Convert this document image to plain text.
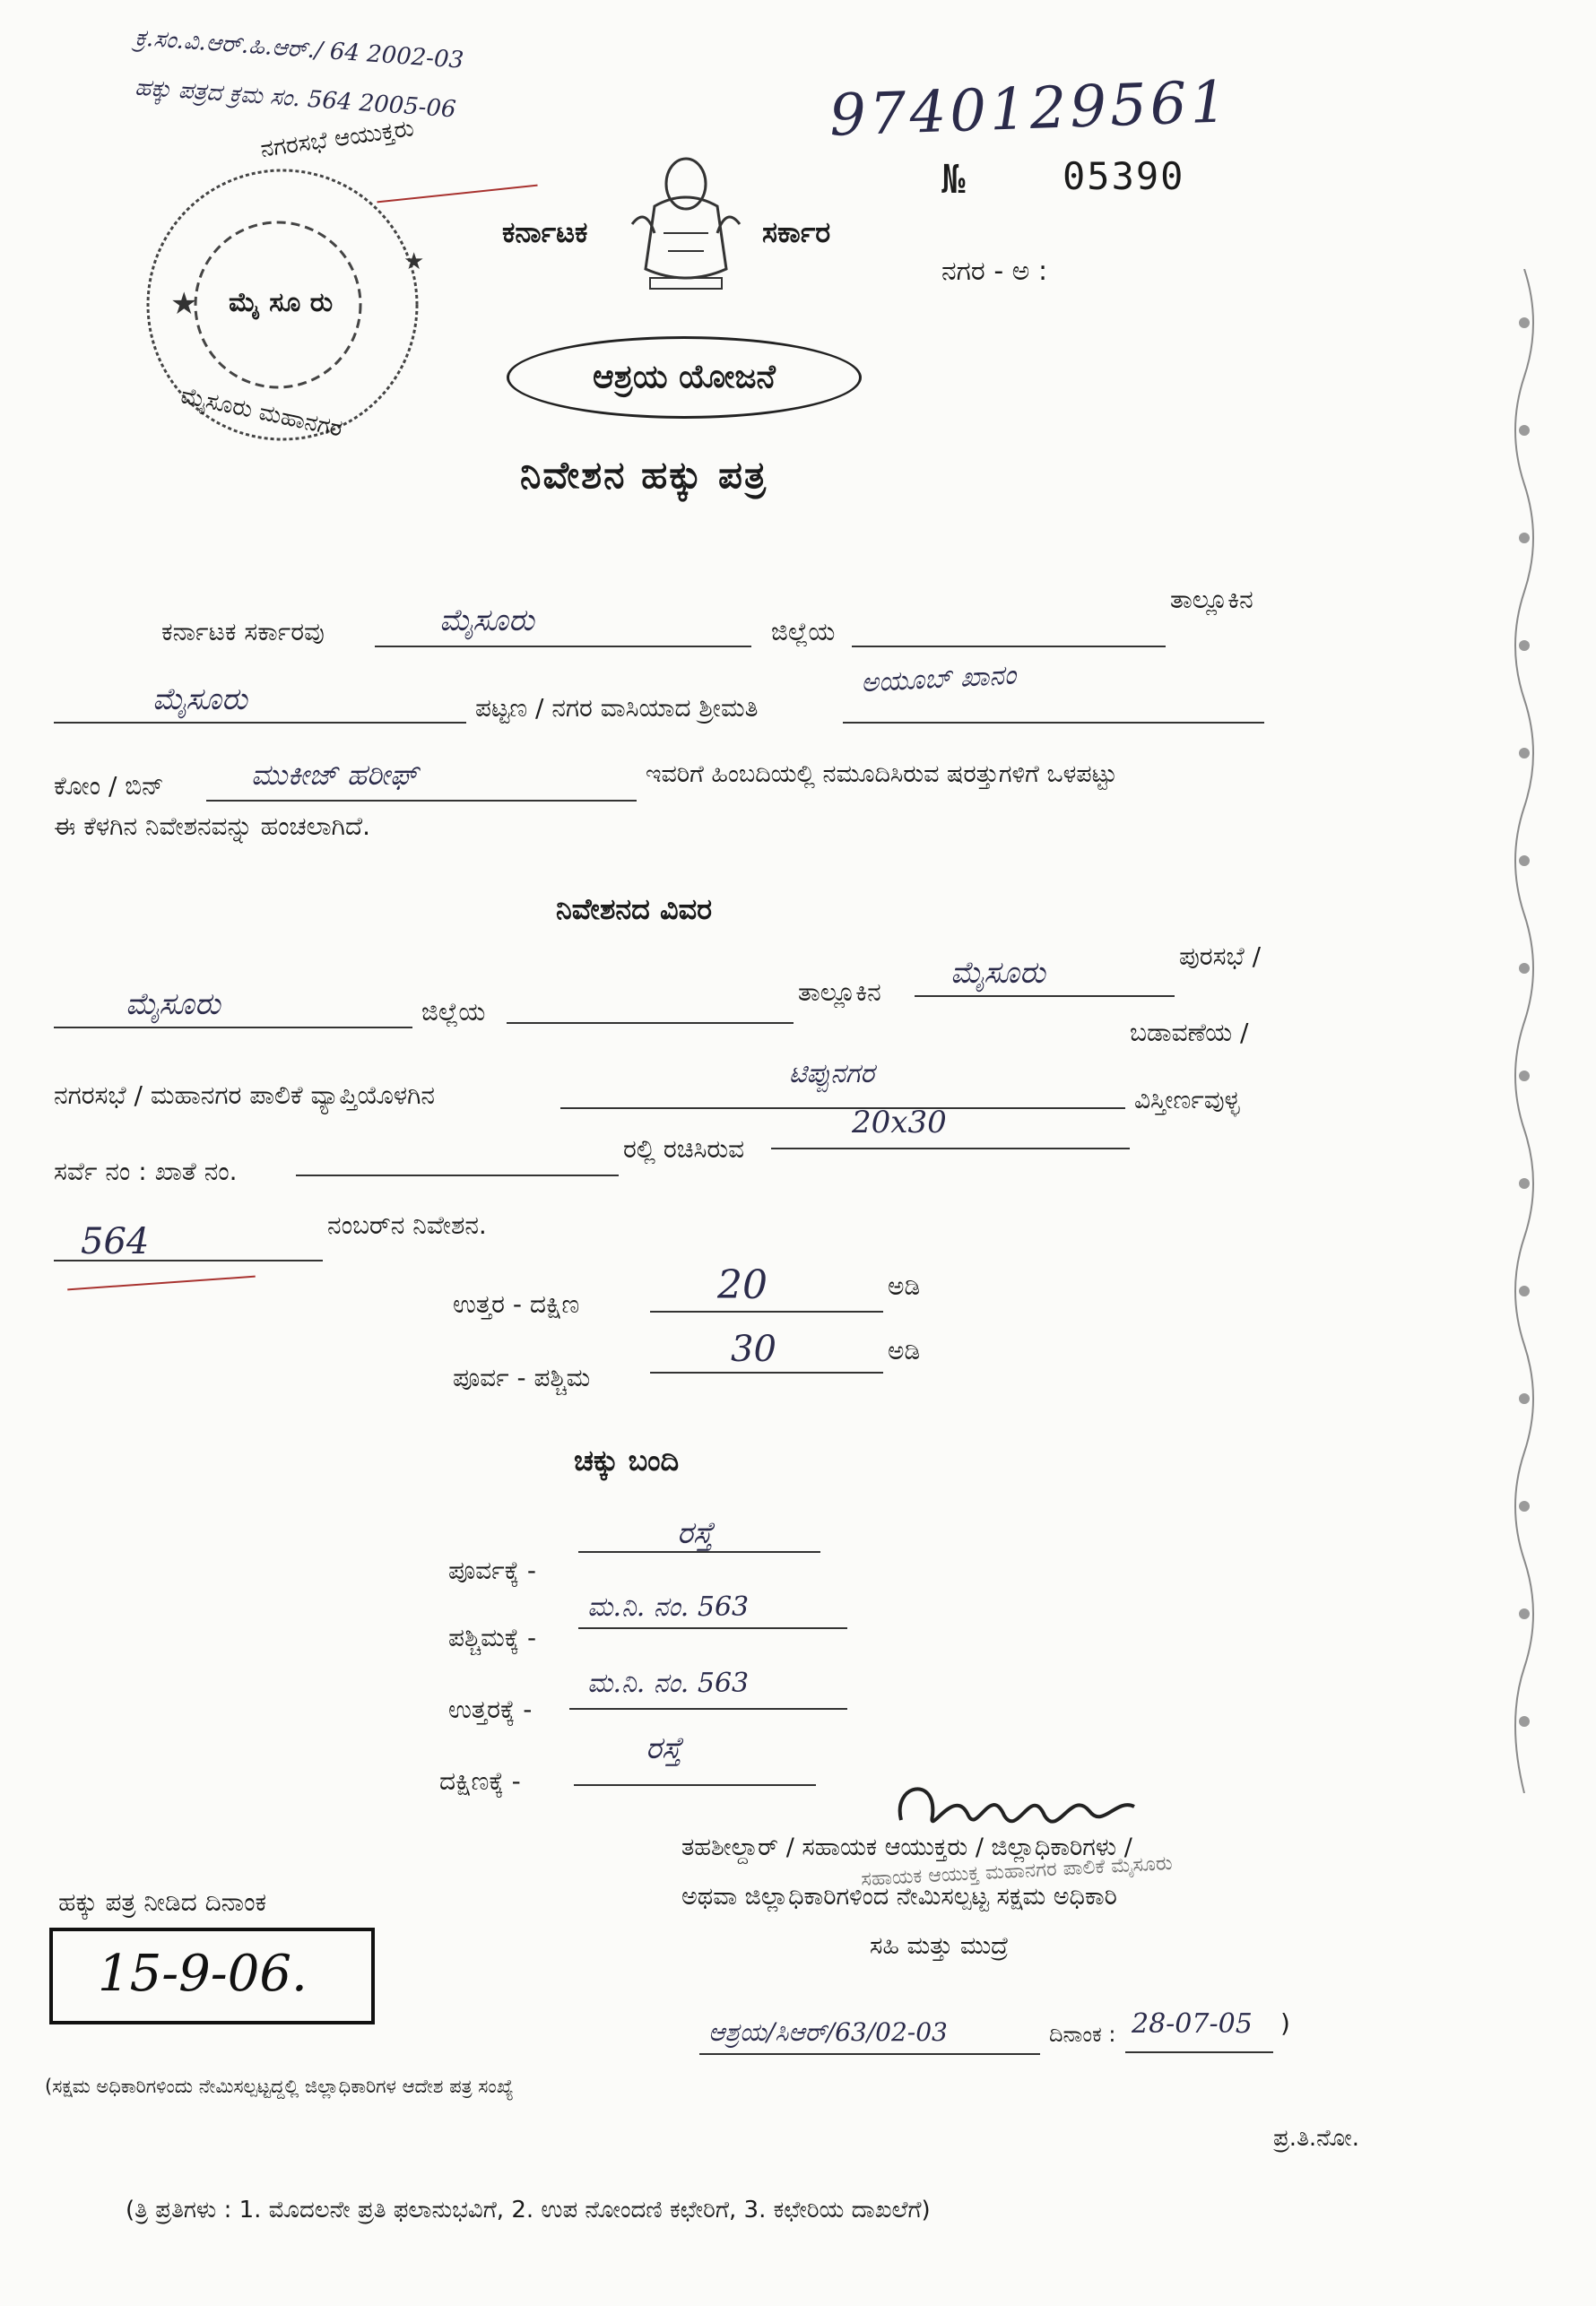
ಕ್ರ.ಸಂ.ವಿ.ಆರ್.ಹಿ.ಆರ್./ 64 2002-03
ಹಕ್ಕು ಪತ್ರದ ಕ್ರಮ ಸಂ. 564 2005-06
★
★
ನಗರಸಭೆ ಆಯುಕ್ತರು
ಮೈ ಸೂ ರು
ಮೈಸೂರು ಮಹಾನಗರ
9740129561
№	05390
ನಗರ - ಅ :
ಕರ್ನಾಟಕ	ಸರ್ಕಾರ
ಆಶ್ರಯ ಯೋಜನೆ
ನಿವೇಶನ ಹಕ್ಕು ಪತ್ರ
ಕರ್ನಾಟಕ ಸರ್ಕಾರವು	ಮೈಸೂರು	ಜಿಲ್ಲೆಯ
ತಾಲ್ಲೂಕಿನ
ಮೈಸೂರು	ಪಟ್ಟಣ / ನಗರ ವಾಸಿಯಾದ ಶ್ರೀಮತಿ
ಅಯೂಬ್ ಖಾನಂ
ಕೋಂ / ಬಿನ್	ಮುಕೀಜ್ ಹರೀಫ್	ಇವರಿಗೆ ಹಿಂಬದಿಯಲ್ಲಿ ನಮೂದಿಸಿರುವ ಷರತ್ತುಗಳಿಗೆ ಒಳಪಟ್ಟು
ಈ ಕೆಳಗಿನ ನಿವೇಶನವನ್ನು ಹಂಚಲಾಗಿದೆ.
ನಿವೇಶನದ ವಿವರ
ಮೈಸೂರು	ಜಿಲ್ಲೆಯ
ತಾಲ್ಲೂಕಿನ
ಮೈಸೂರು	ಪುರಸಭೆ /
ನಗರಸಭೆ / ಮಹಾನಗರ ಪಾಲಿಕೆ ವ್ಯಾಪ್ತಿಯೊಳಗಿನ
ಟಿಪ್ಪುನಗರ
ಬಡಾವಣೆಯ /
ಸರ್ವೆ ನಂ : ಖಾತೆ ನಂ.
ರಲ್ಲಿ ರಚಿಸಿರುವ
20x30
ವಿಸ್ತೀರ್ಣವುಳ್ಳ
564	ನಂಬರ್‌ನ ನಿವೇಶನ.
ಉತ್ತರ - ದಕ್ಷಿಣ	20	ಅಡಿ
ಪೂರ್ವ - ಪಶ್ಚಿಮ
30	ಅಡಿ
ಚಕ್ಕು ಬಂದಿ
ಪೂರ್ವಕ್ಕೆ -
ರಸ್ತೆ
ಪಶ್ಚಿಮಕ್ಕೆ -
ಮ.ನಿ. ನಂ. 563
ಉತ್ತರಕ್ಕೆ -
ಮ.ನಿ. ನಂ. 563
ದಕ್ಷಿಣಕ್ಕೆ -
ರಸ್ತೆ
ತಹಶೀಲ್ದಾರ್ / ಸಹಾಯಕ ಆಯುಕ್ತರು / ಜಿಲ್ಲಾಧಿಕಾರಿಗಳು /
ಅಥವಾ ಜಿಲ್ಲಾಧಿಕಾರಿಗಳಿಂದ ನೇಮಿಸಲ್ಪಟ್ಟ ಸಕ್ಷಮ ಅಧಿಕಾರಿ
ಸಹಿ ಮತ್ತು ಮುದ್ರೆ
ಸಹಾಯಕ ಆಯುಕ್ತ ಮಹಾನಗರ ಪಾಲಿಕೆ ಮೈಸೂರು
ಹಕ್ಕು ಪತ್ರ ನೀಡಿದ ದಿನಾಂಕ
15-9-06.
(ಸಕ್ಷಮ ಅಧಿಕಾರಿಗಳಿಂದು ನೇಮಿಸಲ್ಪಟ್ಟದ್ದಲ್ಲಿ ಜಿಲ್ಲಾಧಿಕಾರಿಗಳ ಆದೇಶ ಪತ್ರ ಸಂಖ್ಯೆ
ಆಶ್ರಯ/ಸಿಆರ್/63/02-03	ದಿನಾಂಕ : 28-07-05 )
ಪ್ರ.ತಿ.ನೋ.
(ತ್ರಿ ಪ್ರತಿಗಳು : 1. ಮೊದಲನೇ ಪ್ರತಿ ಫಲಾನುಭವಿಗೆ, 2. ಉಪ ನೋಂದಣಿ ಕಛೇರಿಗೆ, 3. ಕಛೇರಿಯ ದಾಖಲೆಗೆ)
